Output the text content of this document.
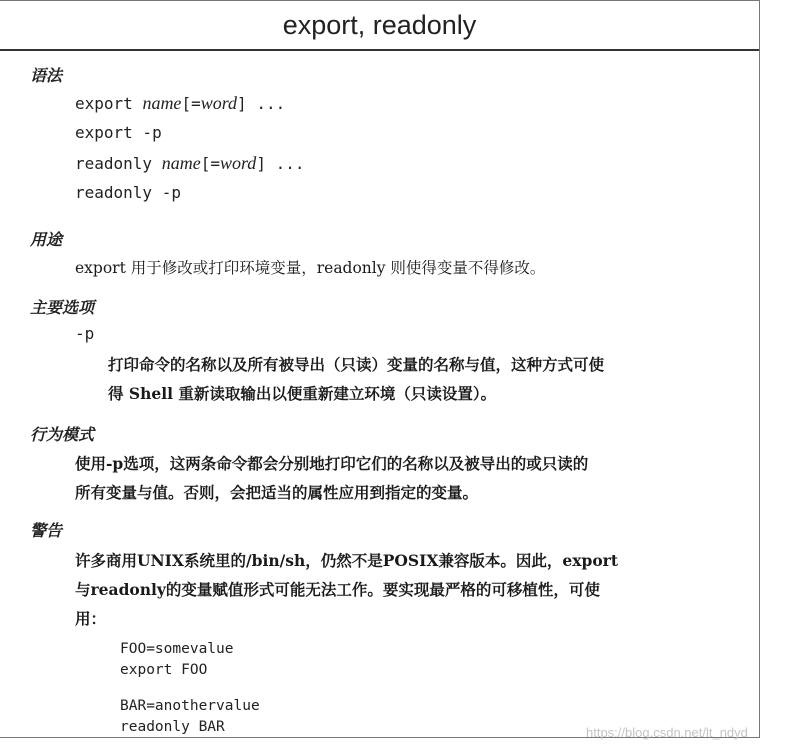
export, readonly
语法
export name[=word] ...
export -p
readonly name[=word] ...
readonly -p
用途
export 用于修改或打印环境变量，readonly 则使得变量不得修改。
主要选项
-p
打印命令的名称以及所有被导出（只读）变量的名称与值，这种方式可使
得 Shell 重新读取输出以便重新建立环境（只读设置）。
行为模式
使用-p选项，这两条命令都会分别地打印它们的名称以及被导出的或只读的
所有变量与值。否则，会把适当的属性应用到指定的变量。
警告
许多商用UNIX系统里的/bin/sh，仍然不是POSIX兼容版本。因此，export
与readonly的变量赋值形式可能无法工作。要实现最严格的可移植性，可使
用：
FOO=somevalue
export FOO
BAR=anothervalue
readonly BAR	https://blog.csdn.net/lt_ndyd
